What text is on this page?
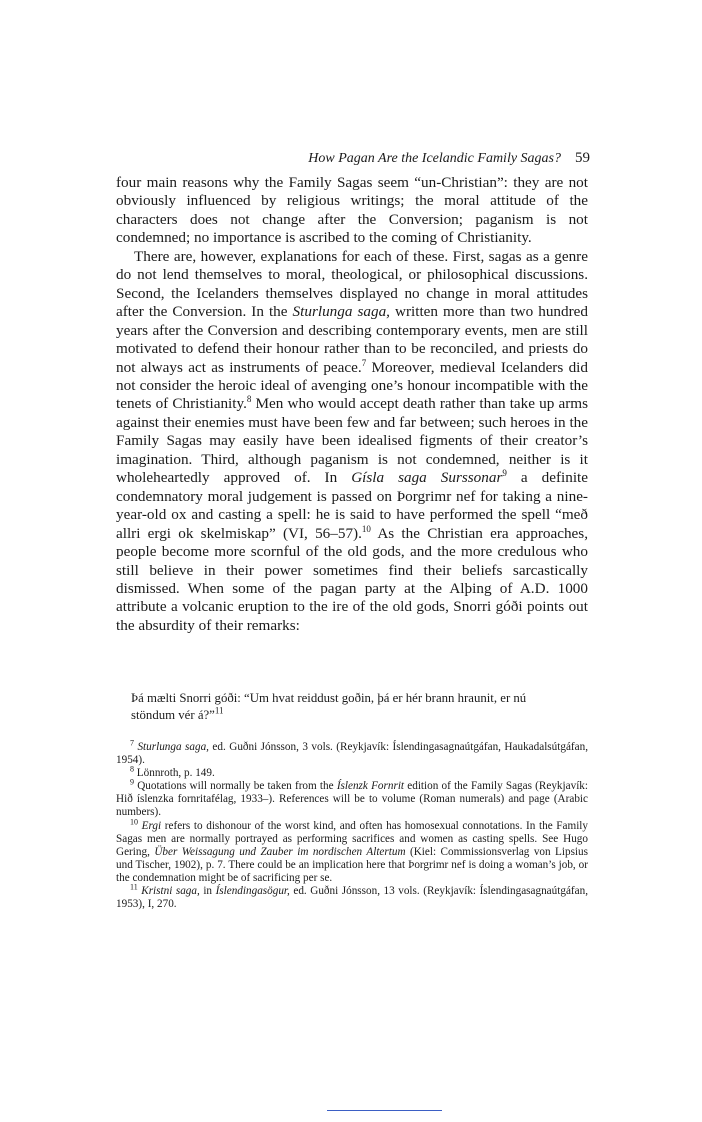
How Pagan Are the Icelandic Family Sagas? 59

four main reasons why the Family Sagas seem “un-Christian”: they are not obviously influenced by religious writings; the moral attitude of the characters does not change after the Conversion; paganism is not condemned; no importance is ascribed to the coming of Christianity.

There are, however, explanations for each of these. First, sagas as a genre do not lend themselves to moral, theological, or philosophical discussions. Second, the Icelanders themselves displayed no change in moral attitudes after the Conversion. In the Sturlunga saga, written more than two hundred years after the Conversion and describing contemporary events, men are still motivated to defend their honour rather than to be reconciled, and priests do not always act as instruments of peace.$^7$ Moreover, medieval Icelanders did not consider the heroic ideal of avenging one’s honour incompatible with the tenets of Christianity.$^8$ Men who would accept death rather than take up arms against their enemies must have been few and far between; such heroes in the Family Sagas may easily have been idealised figments of their creator’s imagination. Third, although paganism is not condemned, neither is it wholeheartedly approved of. In Gísla saga Surssonar$^9$ a definite condemnatory moral judgement is passed on Þorgrimr nef for taking a nine-year-old ox and casting a spell: he is said to have performed the spell “með allri ergi ok skelmiskap” (VI, 56–57).$^{10}$ As the Christian era approaches, people become more scornful of the old gods, and the more credulous who still believe in their power sometimes find their beliefs sarcastically dismissed. When some of the pagan party at the Alþing of A.D. 1000 attribute a volcanic eruption to the ire of the old gods, Snorri góði points out the absurdity of their remarks:

Þá mælti Snorri góði: “Um hvat reiddust goðin, þá er hér brann hraunit, er nú stöndum vér á?”$^{11}$

$^7$ Sturlunga saga, ed. Guðni Jónsson, 3 vols. (Reykjavík: Íslendingasagnaútgáfan, Haukadalsútgáfan, 1954).

$^8$ Lönnroth, p. 149.

$^9$ Quotations will normally be taken from the Íslenzk Fornrit edition of the Family Sagas (Reykjavík: Hið íslenzka fornritafélag, 1933–). References will be to volume (Roman numerals) and page (Arabic numbers).

$^{10}$ Ergi refers to dishonour of the worst kind, and often has homosexual connotations. In the Family Sagas men are normally portrayed as performing sacrifices and women as casting spells. See Hugo Gering, Über Weissagung und Zauber im nordischen Altertum (Kiel: Commissionsverlag von Lipsius und Tischer, 1902), p. 7. There could be an implication here that Þorgrimr nef is doing a woman’s job, or the condemnation might be of sacrificing per se.

$^{11}$ Kristni saga, in Íslendingasögur, ed. Guðni Jónsson, 13 vols. (Reykjavík: Íslendingasagnaútgáfan, 1953), I, 270.
